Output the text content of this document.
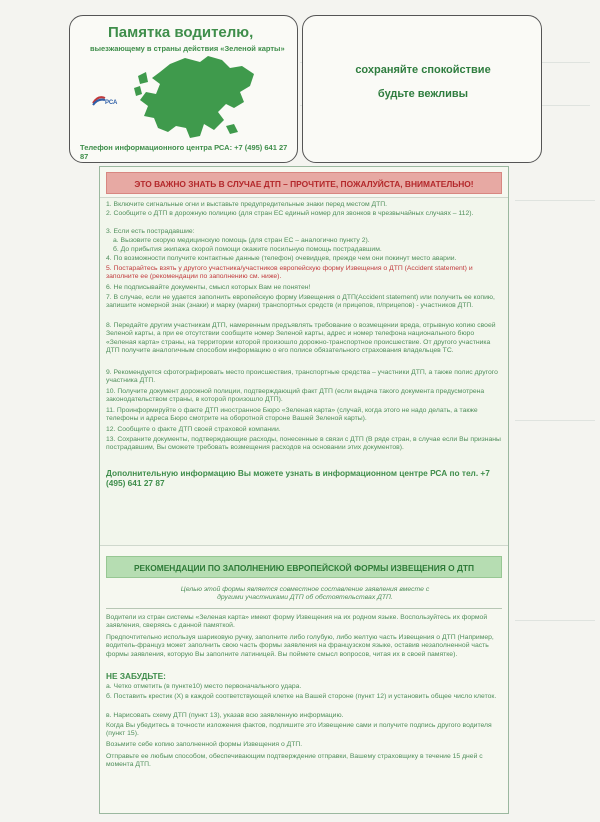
Памятка водителю,
выезжающему в страны действия «Зеленой карты»
РСА
Телефон информационного центра РСА: +7 (495) 641 27 87
сохраняйте спокойствие
будьте вежливы
ЭТО ВАЖНО ЗНАТЬ В СЛУЧАЕ ДТП – ПРОЧТИТЕ, ПОЖАЛУЙСТА, ВНИМАТЕЛЬНО!
1. Включите сигнальные огни и выставьте предупредительные знаки перед местом ДТП.
2. Сообщите о ДТП в дорожную полицию (для стран ЕС единый номер для звонков в чрезвычайных случаях – 112).
3. Если есть пострадавшие:
а. Вызовите скорую медицинскую помощь (для стран ЕС – аналогично пункту 2).
б. До прибытия экипажа скорой помощи окажите посильную помощь пострадавшим.
4. По возможности получите контактные данные (телефон) очевидцев, прежде чем они покинут место аварии.
5. Постарайтесь взять у другого участника/участников европейскую форму Извещения о ДТП (Accident statement) и заполните ее (рекомендации по заполнению см. ниже).
6. Не подписывайте документы, смысл которых Вам не понятен!
7. В случае, если не удается заполнить европейскую форму Извещения о ДТП(Accident statement) или получить ее копию, запишите номерной знак (знаки) и марку (марки) транспортных средств (и прицепов, п/прицепов) - участников ДТП.
8. Передайте другим участникам ДТП, намеренным предъявлять требование о возмещении вреда, отрывную копию своей Зеленой карты, а при ее отсутствии сообщите номер Зеленой карты, адрес и номер телефона национального бюро «Зеленая карта» страны, на территории которой произошло дорожно-транспортное происшествие. От другого участника ДТП получите аналогичным способом информацию о его полисе обязательного страхования владельцев ТС.
9. Рекомендуется сфотографировать место происшествия, транспортные средства – участники ДТП, а также полис другого участника ДТП.
10. Получите документ дорожной полиции, подтверждающий факт ДТП (если выдача такого документа предусмотрена законодательством страны, в которой произошло ДТП).
11. Проинформируйте о факте ДТП иностранное Бюро «Зеленая карта» (случай, когда этого не надо делать, а также телефоны и адреса Бюро смотрите на оборотной стороне Вашей Зеленой карты).
12. Сообщите о факте ДТП своей страховой компании.
13. Сохраните документы, подтверждающие расходы, понесенные в связи с ДТП (В ряде стран, в случае если Вы признаны пострадавшим, Вы сможете требовать возмещения расходов на основании этих документов).
Дополнительную информацию Вы можете узнать в информационном центре РСА по тел. +7 (495) 641 27 87
РЕКОМЕНДАЦИИ ПО ЗАПОЛНЕНИЮ ЕВРОПЕЙСКОЙ ФОРМЫ ИЗВЕЩЕНИЯ О ДТП
Целью этой формы является совместное составление заявления вместе с другими участниками ДТП об обстоятельствах ДТП.
Водители из стран системы «Зеленая карта» имеют форму Извещения на их родном языке. Воспользуйтесь их формой заявления, сверяясь с данной памяткой.
Предпочтительно используя шариковую ручку, заполните либо голубую, либо желтую часть Извещения о ДТП (Например, водитель-француз может заполнить свою часть формы заявления на французском языке, оставив незаполненной часть формы заявления, которую Вы заполните латиницей. Вы поймете смысл вопросов, читая их в своей памятке).
НЕ ЗАБУДЬТЕ:
а. Четко отметить (в пункте10) место первоначального удара.
б. Поставить крестик (X) в каждой соответствующей клетке на Вашей стороне (пункт 12) и установить общее число клеток.
в. Нарисовать схему ДТП (пункт 13), указав всю заявленную информацию.
Когда Вы убедитесь в точности изложения фактов, подпишите это Извещение сами и получите подпись другого водителя (пункт 15).
Возьмите себе копию заполненной формы Извещения о ДТП.
Отправьте ее любым способом, обеспечивающим подтверждение отправки, Вашему страховщику в течение 15 дней с момента ДТП.
